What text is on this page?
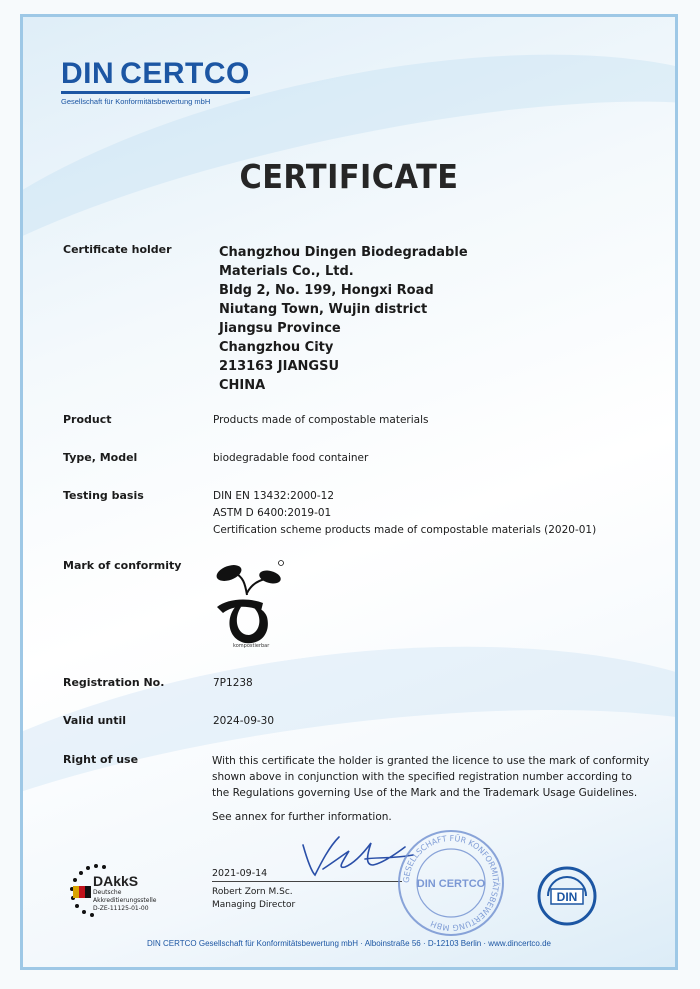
DIN CERTCO
Gesellschaft für Konformitätsbewertung mbH
CERTIFICATE
Certificate holder	Changzhou Dingen Biodegradable
Materials Co., Ltd.
Bldg 2, No. 199, Hongxi Road
Niutang Town, Wujin district
Jiangsu Province
Changzhou City
213163 JIANGSU
CHINA
Product	Products made of compostable materials
Type, Model	biodegradable food container
Testing basis	DIN EN 13432:2000-12
ASTM D 6400:2019-01
Certification scheme products made of compostable materials (2020-01)
Mark of conformity
kompostierbar
Registration No.	7P1238
Valid until	2024-09-30
Right of use	With this certificate the holder is granted the licence to use the mark of conformity shown above in conjunction with the specified registration number according to the Regulations governing Use of the Mark and the Trademark Usage Guidelines.
See annex for further information.
2021-09-14
Robert Zorn M.Sc.
Managing Director
GESELLSCHAFT FÜR KONFORMITÄTSBEWERTUNG MBH
DIN CERTCO
DAkkS
Deutsche
Akkreditierungsstelle
D-ZE-11125-01-00
DIN
DIN CERTCO Gesellschaft für Konformitätsbewertung mbH · Alboinstraße 56 · D-12103 Berlin · www.dincertco.de
